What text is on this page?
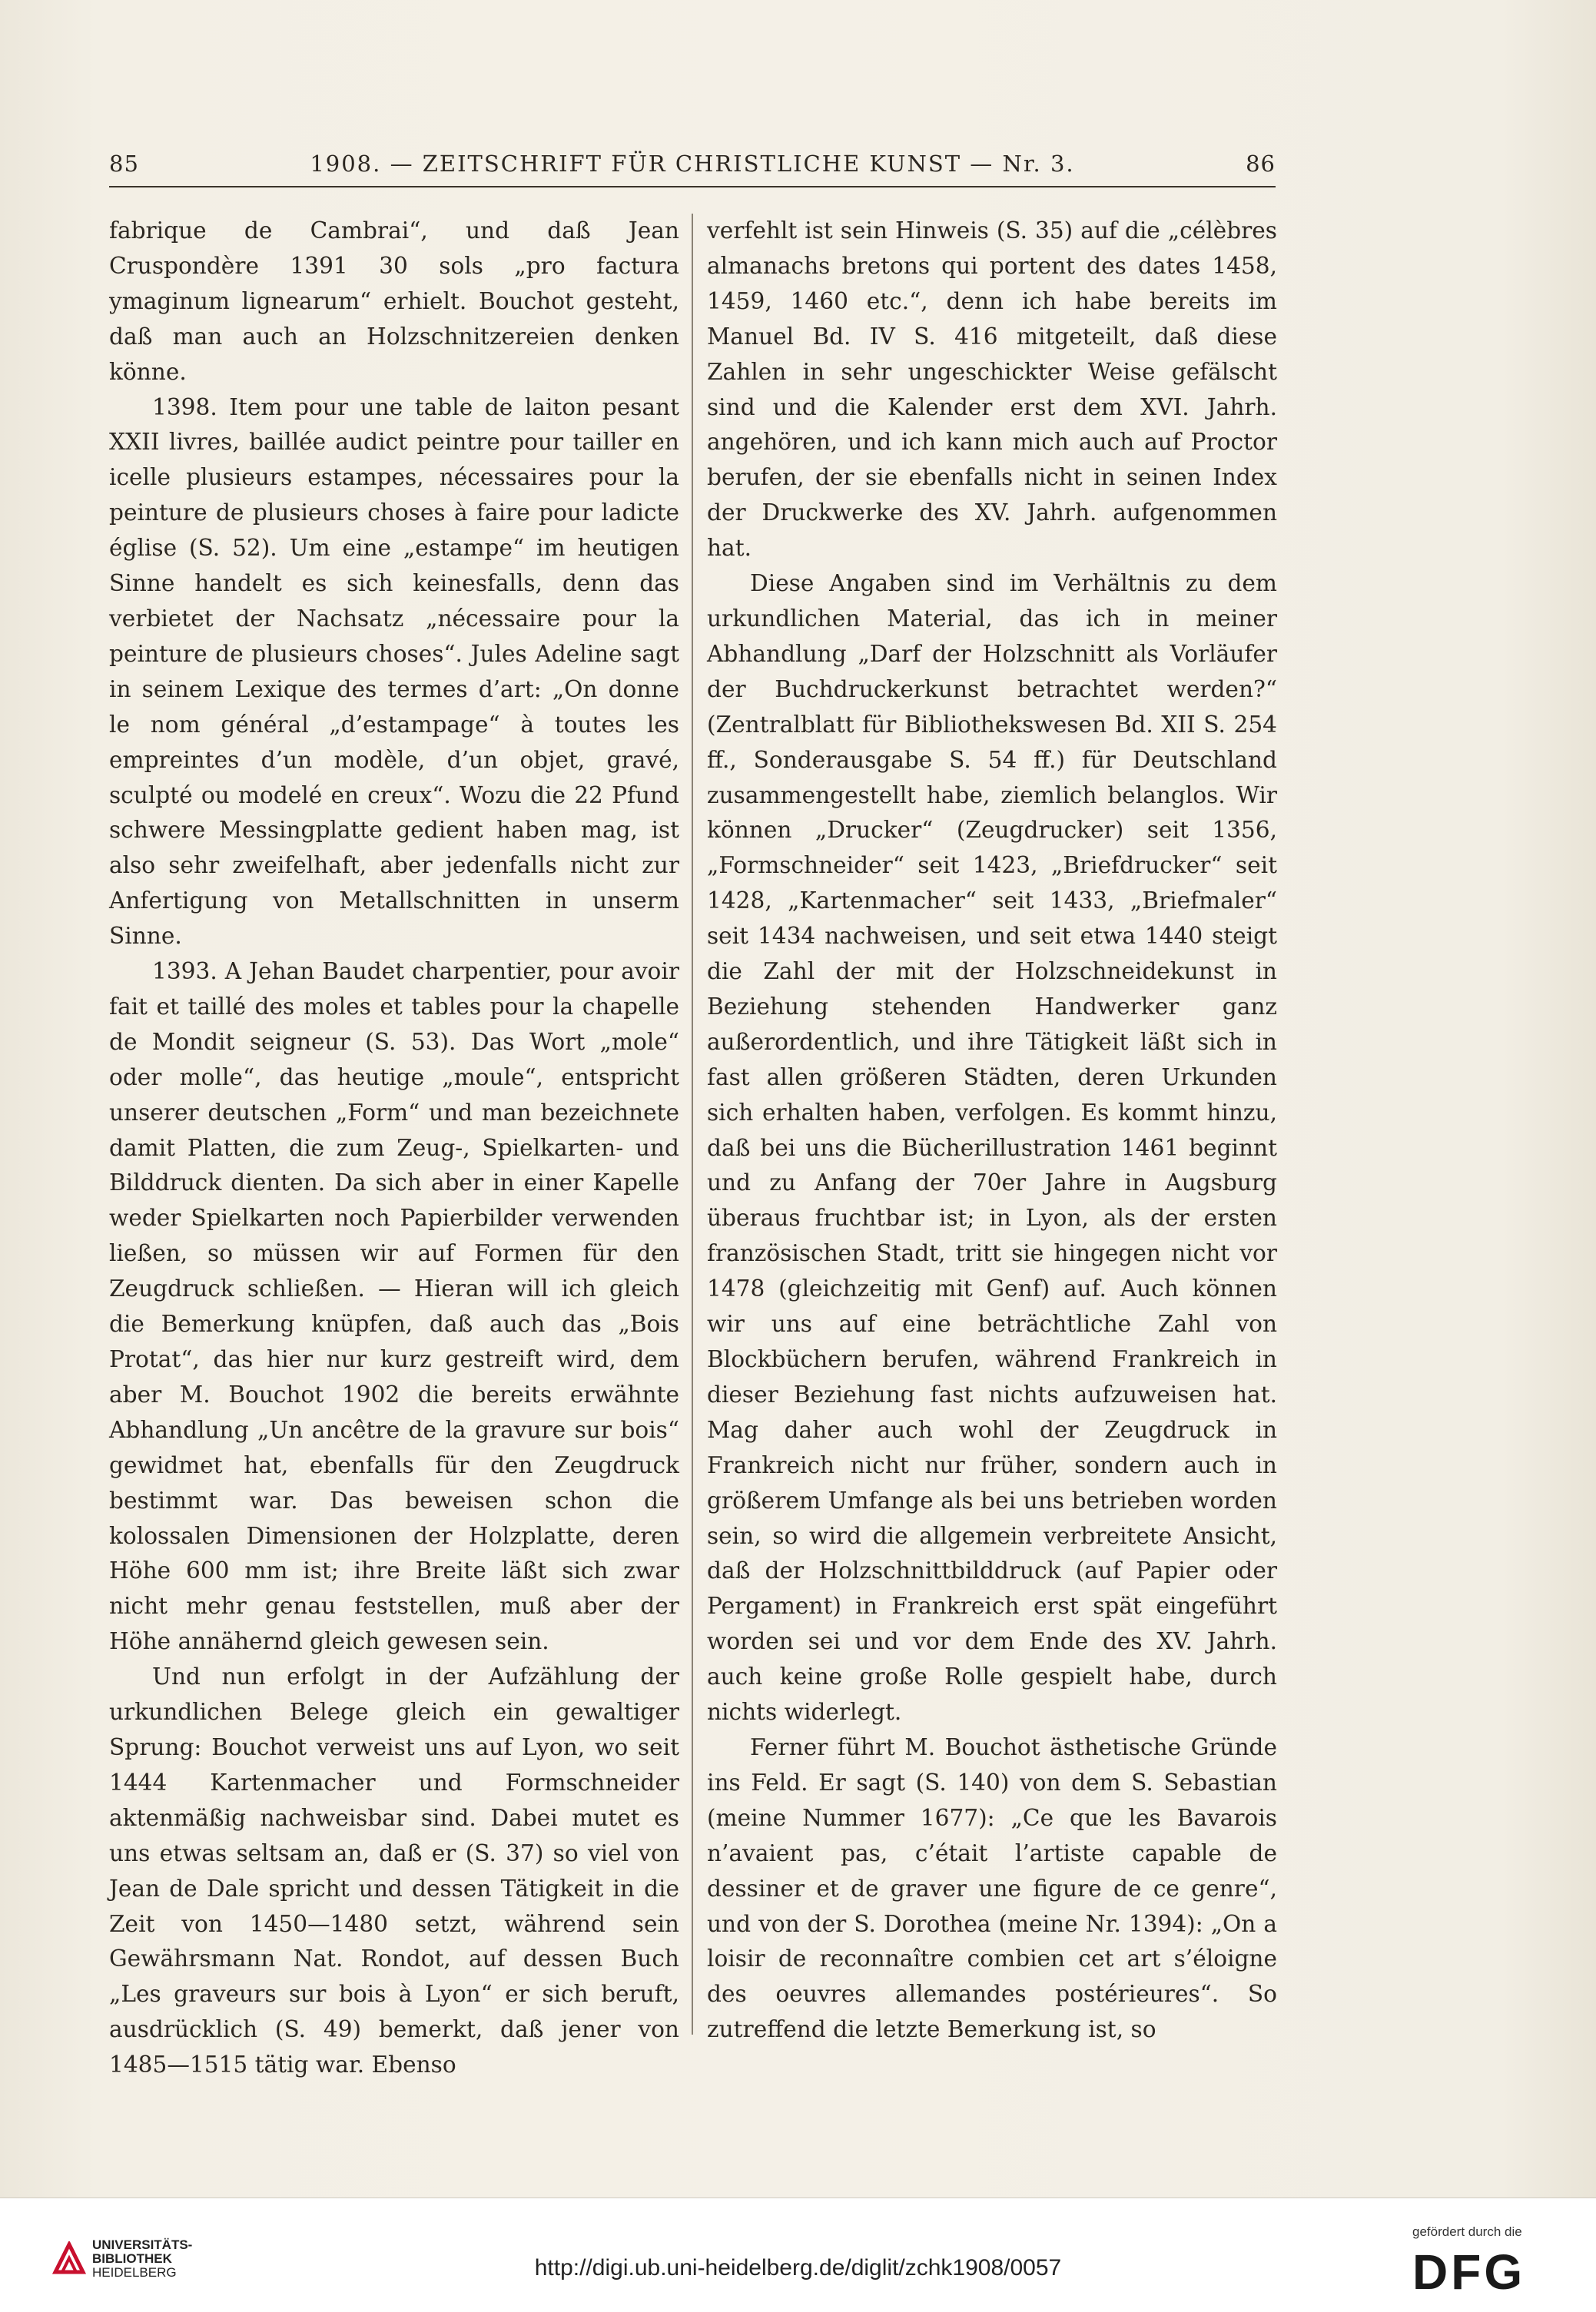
85	1908. — ZEITSCHRIFT FÜR CHRISTLICHE KUNST — Nr. 3.	86

fabrique de Cambrai“, und daß Jean Cruspondère 1391 30 sols „pro factura ymaginum lignearum“ erhielt. Bouchot gesteht, daß man auch an Holzschnitzereien denken könne.

1398. Item pour une table de laiton pesant XXII livres, baillée audict peintre pour tailler en icelle plusieurs estampes, nécessaires pour la peinture de plusieurs choses à faire pour ladicte église (S. 52). Um eine „estampe“ im heutigen Sinne handelt es sich keinesfalls, denn das verbietet der Nachsatz „nécessaire pour la peinture de plusieurs choses“. Jules Adeline sagt in seinem Lexique des termes d’art: „On donne le nom général „d’estampage“ à toutes les empreintes d’un modèle, d’un objet, gravé, sculpté ou modelé en creux“. Wozu die 22 Pfund schwere Messingplatte gedient haben mag, ist also sehr zweifelhaft, aber jedenfalls nicht zur Anfertigung von Metallschnitten in unserm Sinne.

1393. A Jehan Baudet charpentier, pour avoir fait et taillé des moles et tables pour la chapelle de Mondit seigneur (S. 53). Das Wort „mole“ oder molle“, das heutige „moule“, entspricht unserer deutschen „Form“ und man bezeichnete damit Platten, die zum Zeug-, Spielkarten- und Bilddruck dienten. Da sich aber in einer Kapelle weder Spielkarten noch Papierbilder verwenden ließen, so müssen wir auf Formen für den Zeugdruck schließen. — Hieran will ich gleich die Bemerkung knüpfen, daß auch das „Bois Protat“, das hier nur kurz gestreift wird, dem aber M. Bouchot 1902 die bereits erwähnte Abhandlung „Un ancêtre de la gravure sur bois“ gewidmet hat, ebenfalls für den Zeugdruck bestimmt war. Das beweisen schon die kolossalen Dimensionen der Holzplatte, deren Höhe 600 mm ist; ihre Breite läßt sich zwar nicht mehr genau feststellen, muß aber der Höhe annähernd gleich gewesen sein.

Und nun erfolgt in der Aufzählung der urkundlichen Belege gleich ein gewaltiger Sprung: Bouchot verweist uns auf Lyon, wo seit 1444 Kartenmacher und Formschneider aktenmäßig nachweisbar sind. Dabei mutet es uns etwas seltsam an, daß er (S. 37) so viel von Jean de Dale spricht und dessen Tätigkeit in die Zeit von 1450—1480 setzt, während sein Gewährsmann Nat. Rondot, auf dessen Buch „Les graveurs sur bois à Lyon“ er sich beruft, ausdrücklich (S. 49) bemerkt, daß jener von 1485—1515 tätig war. Ebenso

verfehlt ist sein Hinweis (S. 35) auf die „célèbres almanachs bretons qui portent des dates 1458, 1459, 1460 etc.“, denn ich habe bereits im Manuel Bd. IV S. 416 mitgeteilt, daß diese Zahlen in sehr ungeschickter Weise gefälscht sind und die Kalender erst dem XVI. Jahrh. angehören, und ich kann mich auch auf Proctor berufen, der sie ebenfalls nicht in seinen Index der Druckwerke des XV. Jahrh. aufgenommen hat.

Diese Angaben sind im Verhältnis zu dem urkundlichen Material, das ich in meiner Abhandlung „Darf der Holzschnitt als Vorläufer der Buchdruckerkunst betrachtet werden?“ (Zentralblatt für Bibliothekswesen Bd. XII S. 254 ff., Sonderausgabe S. 54 ff.) für Deutschland zusammengestellt habe, ziemlich belanglos. Wir können „Drucker“ (Zeugdrucker) seit 1356, „Formschneider“ seit 1423, „Briefdrucker“ seit 1428, „Kartenmacher“ seit 1433, „Briefmaler“ seit 1434 nachweisen, und seit etwa 1440 steigt die Zahl der mit der Holzschneidekunst in Beziehung stehenden Handwerker ganz außerordentlich, und ihre Tätigkeit läßt sich in fast allen größeren Städten, deren Urkunden sich erhalten haben, verfolgen. Es kommt hinzu, daß bei uns die Bücherillustration 1461 beginnt und zu Anfang der 70er Jahre in Augsburg überaus fruchtbar ist; in Lyon, als der ersten französischen Stadt, tritt sie hingegen nicht vor 1478 (gleichzeitig mit Genf) auf. Auch können wir uns auf eine beträchtliche Zahl von Blockbüchern berufen, während Frankreich in dieser Beziehung fast nichts aufzuweisen hat. Mag daher auch wohl der Zeugdruck in Frankreich nicht nur früher, sondern auch in größerem Umfange als bei uns betrieben worden sein, so wird die allgemein verbreitete Ansicht, daß der Holzschnittbilddruck (auf Papier oder Pergament) in Frankreich erst spät eingeführt worden sei und vor dem Ende des XV. Jahrh. auch keine große Rolle gespielt habe, durch nichts widerlegt.

Ferner führt M. Bouchot ästhetische Gründe ins Feld. Er sagt (S. 140) von dem S. Sebastian (meine Nummer 1677): „Ce que les Bavarois n’avaient pas, c’était l’artiste capable de dessiner et de graver une figure de ce genre“, und von der S. Dorothea (meine Nr. 1394): „On a loisir de reconnaître combien cet art s’éloigne des oeuvres allemandes postérieures“. So zutreffend die letzte Bemerkung ist, so

UNIVERSITÄTS-
BIBLIOTHEK
HEIDELBERG	http://digi.ub.uni-heidelberg.de/diglit/zchk1908/0057
gefördert durch die
DFG
